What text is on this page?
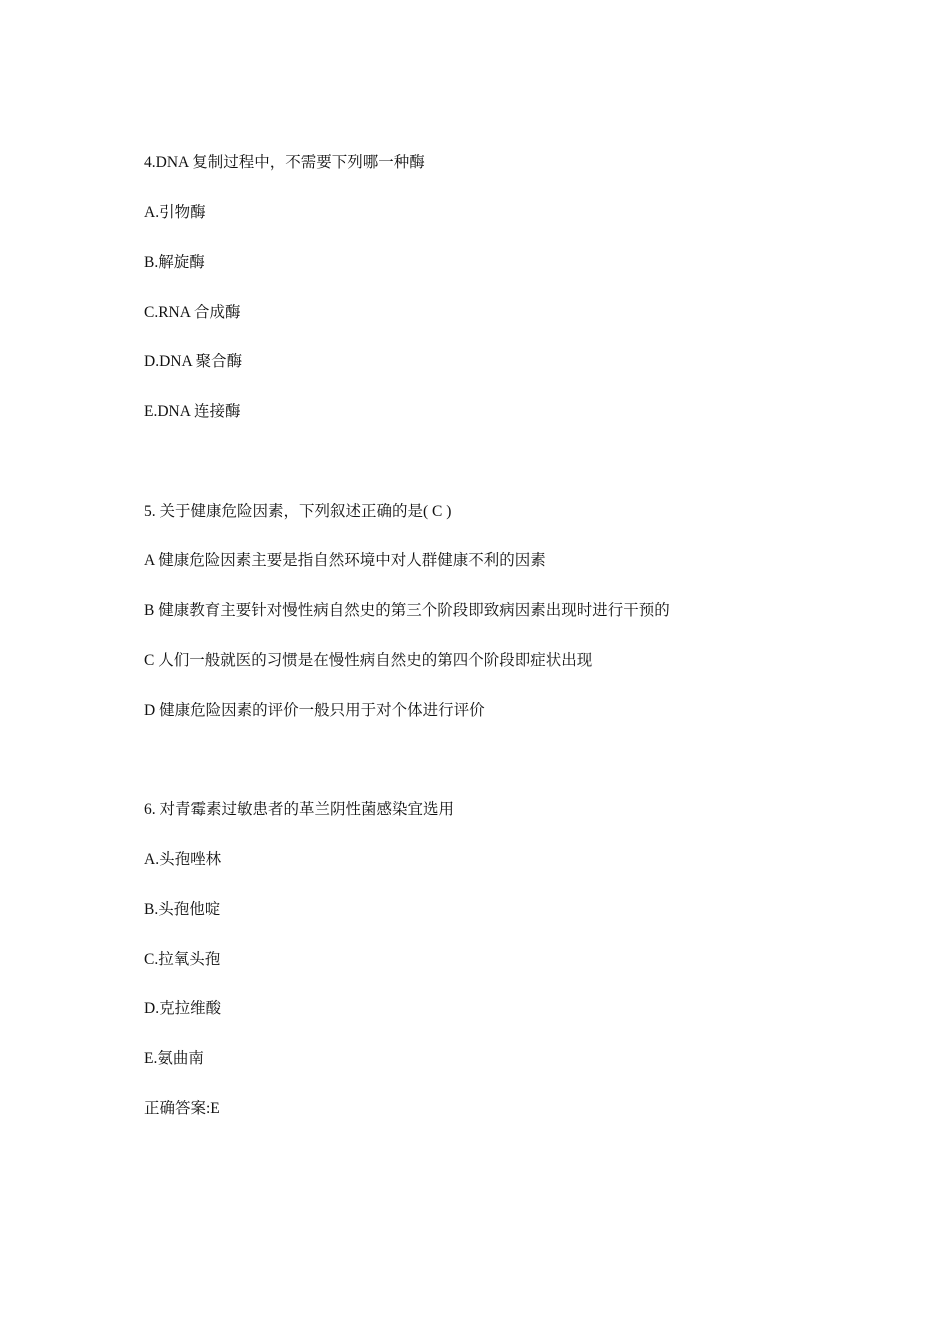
4.DNA 复制过程中，不需要下列哪一种酶
A.引物酶
B.解旋酶
C.RNA 合成酶
D.DNA 聚合酶
E.DNA 连接酶
5. 关于健康危险因素，下列叙述正确的是( C )
A 健康危险因素主要是指自然环境中对人群健康不利的因素
B 健康教育主要针对慢性病自然史的第三个阶段即致病因素出现时进行干预的
C 人们一般就医的习惯是在慢性病自然史的第四个阶段即症状出现
D 健康危险因素的评价一般只用于对个体进行评价
6. 对青霉素过敏患者的革兰阴性菌感染宜选用
A.头孢唑林
B.头孢他啶
C.拉氧头孢
D.克拉维酸
E.氨曲南
正确答案:E
